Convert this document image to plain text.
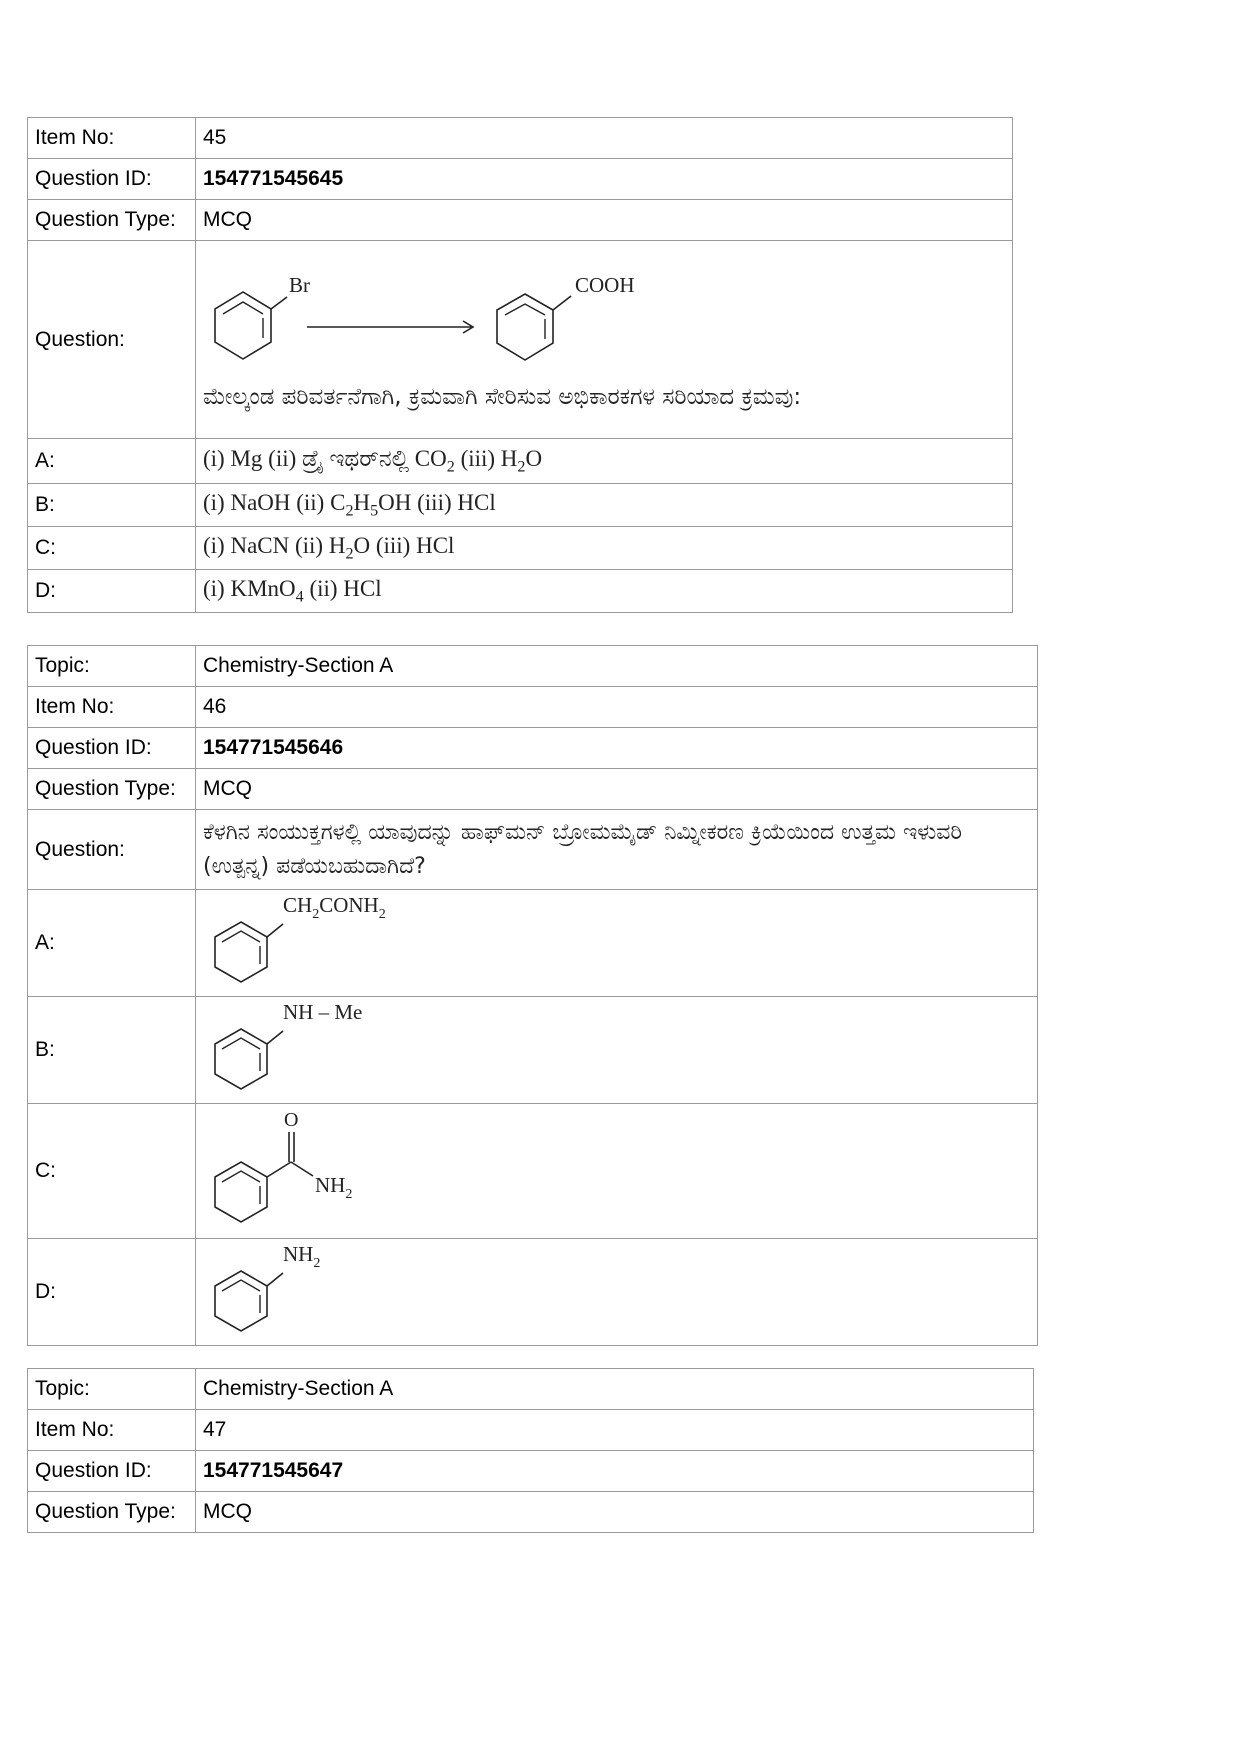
Item No:	45
Question ID:	154771545645
Question Type:	MCQ
Question:	Br COOH
ಮೇಲ್ಕಂಡ ಪರಿವರ್ತನೆಗಾಗಿ, ಕ್ರಮವಾಗಿ ಸೇರಿಸುವ ಅಭಿಕಾರಕಗಳ ಸರಿಯಾದ ಕ್ರಮವು:

A:	(i) Mg (ii) ಡ್ರೈ ಇಥರ್‌ನಲ್ಲಿ $CO_2$ (iii) $H_2O$
B:	(i) NaOH (ii) $C_2H_5OH$ (iii) HCl
C:	(i) NaCN (ii) $H_2O$ (iii) HCl
D:	(i) KMnO$_4$ (ii) HCl
Topic:	Chemistry-Section A
Item No:	46
Question ID:	154771545646
Question Type:	MCQ
Question:	ಕೆಳಗಿನ ಸಂಯುಕ್ತಗಳಲ್ಲಿ ಯಾವುದನ್ನು ಹಾಫ್‌ಮನ್ ಬ್ರೋಮಮೈಡ್ ನಿಮ್ನೀಕರಣ ಕ್ರಿಯೆಯಿಂದ ಉತ್ತಮ ಇಳುವರಿ (ಉತ್ಪನ್ನ) ಪಡೆಯಬಹುದಾಗಿದೆ?
A:	$CH_2CONH_2$

B:	NH – Me

C:	O
$NH_2$

D:	$NH_2$
Topic:	Chemistry-Section A
Item No:	47
Question ID:	154771545647
Question Type:	MCQ
